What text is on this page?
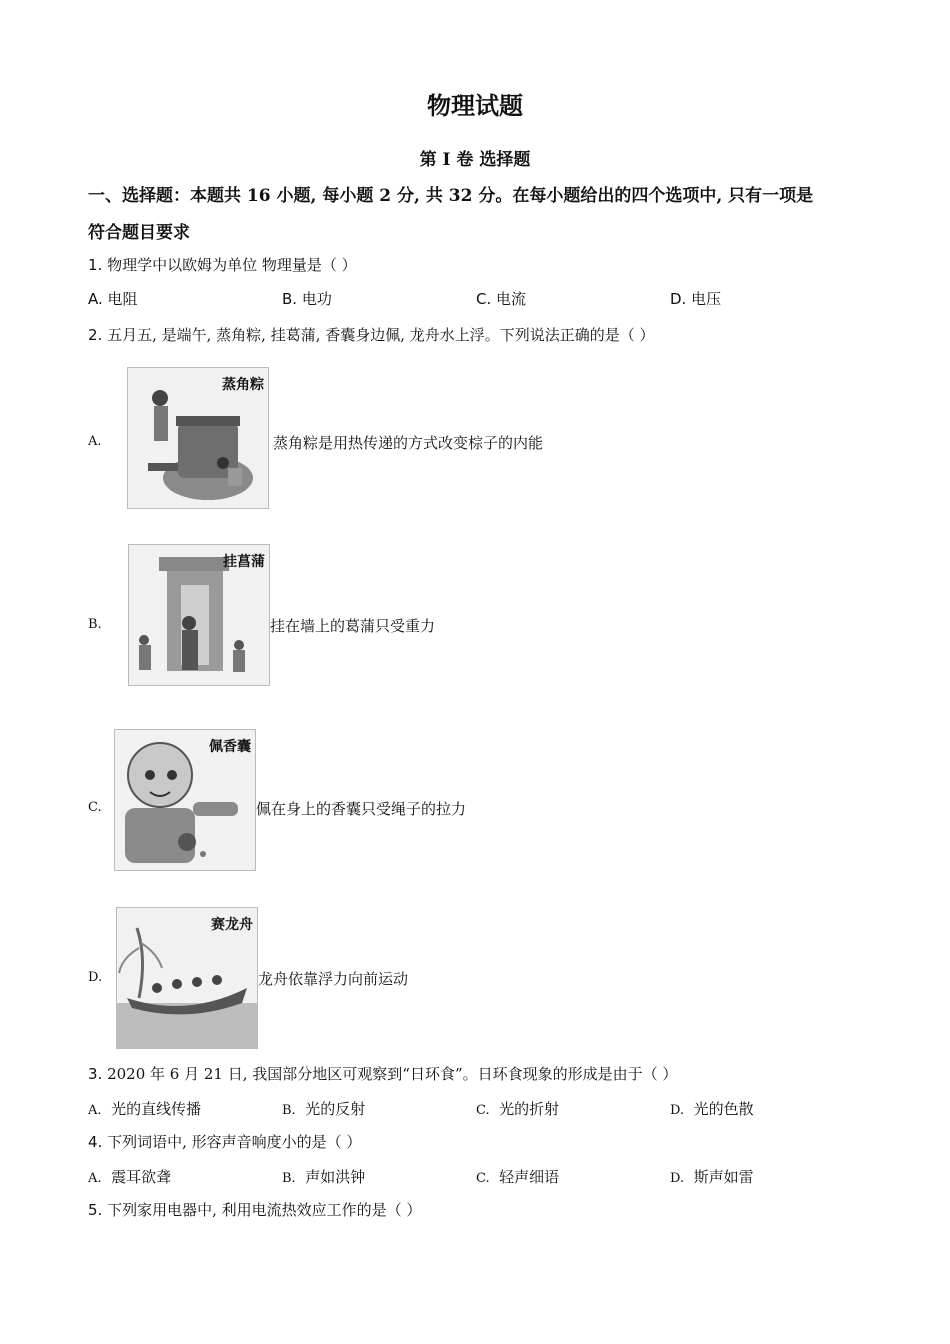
物理试题
第 I 卷 选择题
一、选择题：本题共 16 小题, 每小题 2 分, 共 32 分。在每小题给出的四个选项中, 只有一项是
符合题目要求
1. 物理学中以欧姆为单位 物理量是（ ）
A. 电阻	B. 电功	C. 电流	D. 电压
2. 五月五, 是端午, 蒸角粽, 挂葛蒲, 香囊身边佩, 龙舟水上浮。下列说法正确的是（ ）
A.
蒸角粽
蒸角粽是用热传递的方式改变棕子的内能
B.
挂菖蒲
挂在墙上的葛蒲只受重力
C.
佩香囊
佩在身上的香囊只受绳子的拉力
D.
赛龙舟
龙舟依靠浮力向前运动
3. 2020 年 6 月 21 日, 我国部分地区可观察到“日环食”。日环食现象的形成是由于（ ）
A. 光的直线传播	B. 光的反射	C. 光的折射	D. 光的色散
4. 下列词语中, 形容声音响度小的是（ ）
A. 震耳欲聋	B. 声如洪钟	C. 轻声细语	D. 斯声如雷
5. 下列家用电器中, 利用电流热效应工作的是（ ）
